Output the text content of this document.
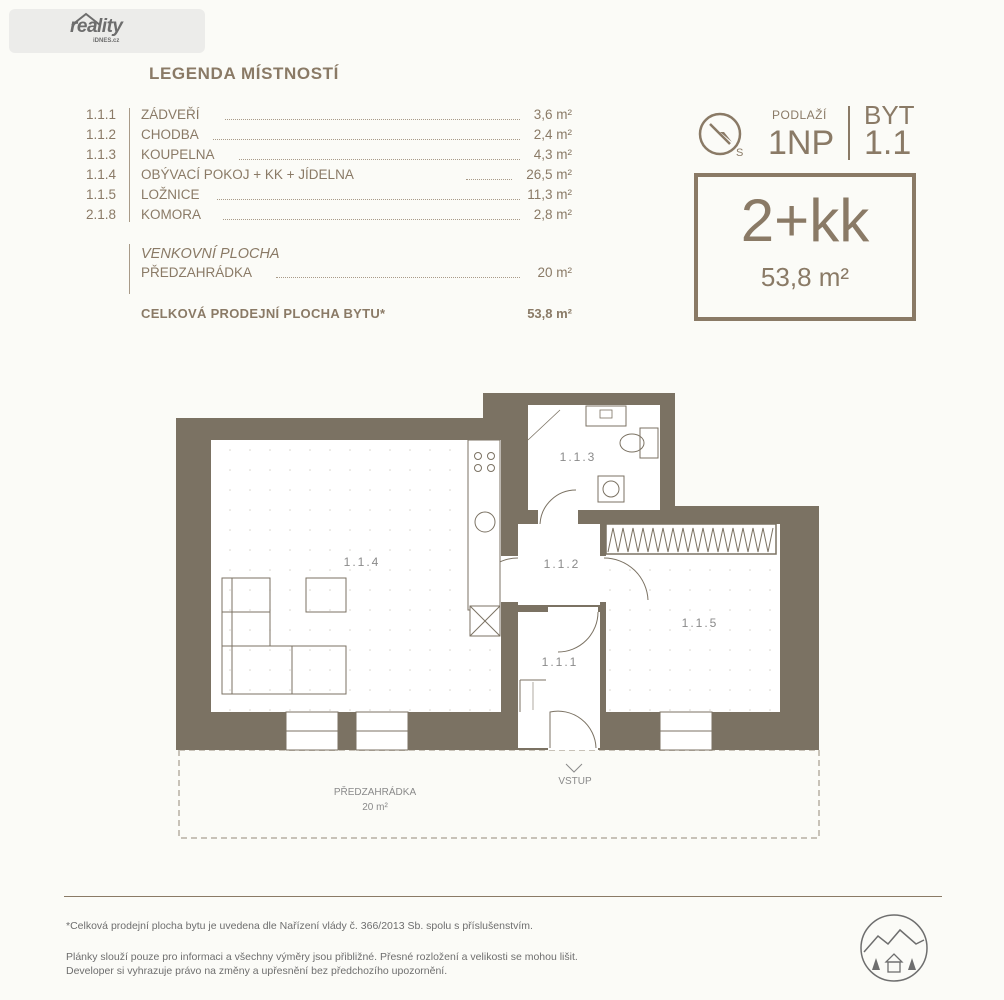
reality
iDNES.cz
LEGENDA MÍSTNOSTÍ
1.1.1	ZÁDVEŘÍ	3,6 m²
1.1.2	CHODBA	2,4 m²
1.1.3	KOUPELNA	4,3 m²
1.1.4	OBÝVACÍ POKOJ + KK + JÍDELNA	26,5 m²
1.1.5	LOŽNICE	11,3 m²
2.1.8	KOMORA	2,8 m²
VENKOVNÍ PLOCHA
PŘEDZAHRÁDKA	20 m²
CELKOVÁ PRODEJNÍ PLOCHA BYTU*	53,8 m²
S
PODLAŽÍ
1NP
BYT
1.1
2+kk
53,8 m²
1.1.4
1.1.3
1.1.2
1.1.1
1.1.5
VSTUP
PŘEDZAHRÁDKA
20 m²
*Celková prodejní plocha bytu je uvedena dle Nařízení vlády č. 366/2013 Sb. spolu s příslušenstvím.
Plánky slouží pouze pro informaci a všechny výměry jsou přibližné. Přesné rozložení a velikosti se mohou lišit.
Developer si vyhrazuje právo na změny a upřesnění bez předchozího upozornění.
